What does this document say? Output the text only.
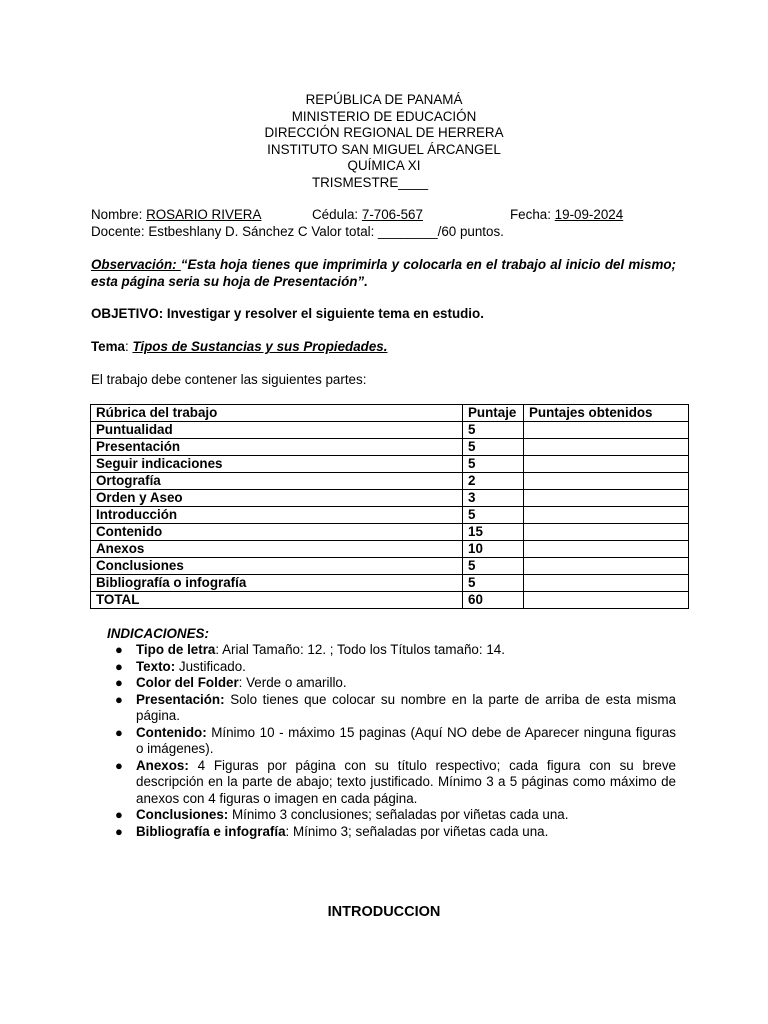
REPÚBLICA DE PANAMÁ
MINISTERIO DE EDUCACIÓN
DIRECCIÓN REGIONAL DE HERRERA
INSTITUTO SAN MIGUEL ÁRCANGEL
QUÍMICA XI
TRISMESTRE____
Nombre: ROSARIO RIVERA	Cédula: 7-706-567	Fecha: 19-09-2024
Docente: Estbeshlany D. Sánchez C Valor total: ________/60 puntos.
Observación: “Esta hoja tienes que imprimirla y colocarla en el trabajo al inicio del mismo; esta página seria su hoja de Presentación”.
OBJETIVO: Investigar y resolver el siguiente tema en estudio.
Tema: Tipos de Sustancias y sus Propiedades.
El trabajo debe contener las siguientes partes:
Rúbrica del trabajo	Puntaje	Puntajes obtenidos
Puntualidad	5	
Presentación	5	
Seguir indicaciones	5	
Ortografía	2	
Orden y Aseo	3	
Introducción	5	
Contenido	15	
Anexos	10	
Conclusiones	5	
Bibliografía o infografía	5	
TOTAL	60	
INDICACIONES:
● Tipo de letra: Arial Tamaño: 12. ; Todo los Títulos tamaño: 14.
● Texto: Justificado.
● Color del Folder: Verde o amarillo.
● Presentación: Solo tienes que colocar su nombre en la parte de arriba de esta misma página.
● Contenido: Mínimo 10 - máximo 15 paginas (Aquí NO debe de Aparecer ninguna figuras o imágenes).
● Anexos: 4 Figuras por página con su título respectivo; cada figura con su breve descripción en la parte de abajo; texto justificado. Mínimo 3 a 5 páginas como máximo de anexos con 4 figuras o imagen en cada página.
● Conclusiones: Mínimo 3 conclusiones; señaladas por viñetas cada una.
● Bibliografía e infografía: Mínimo 3; señaladas por viñetas cada una.
INTRODUCCION
